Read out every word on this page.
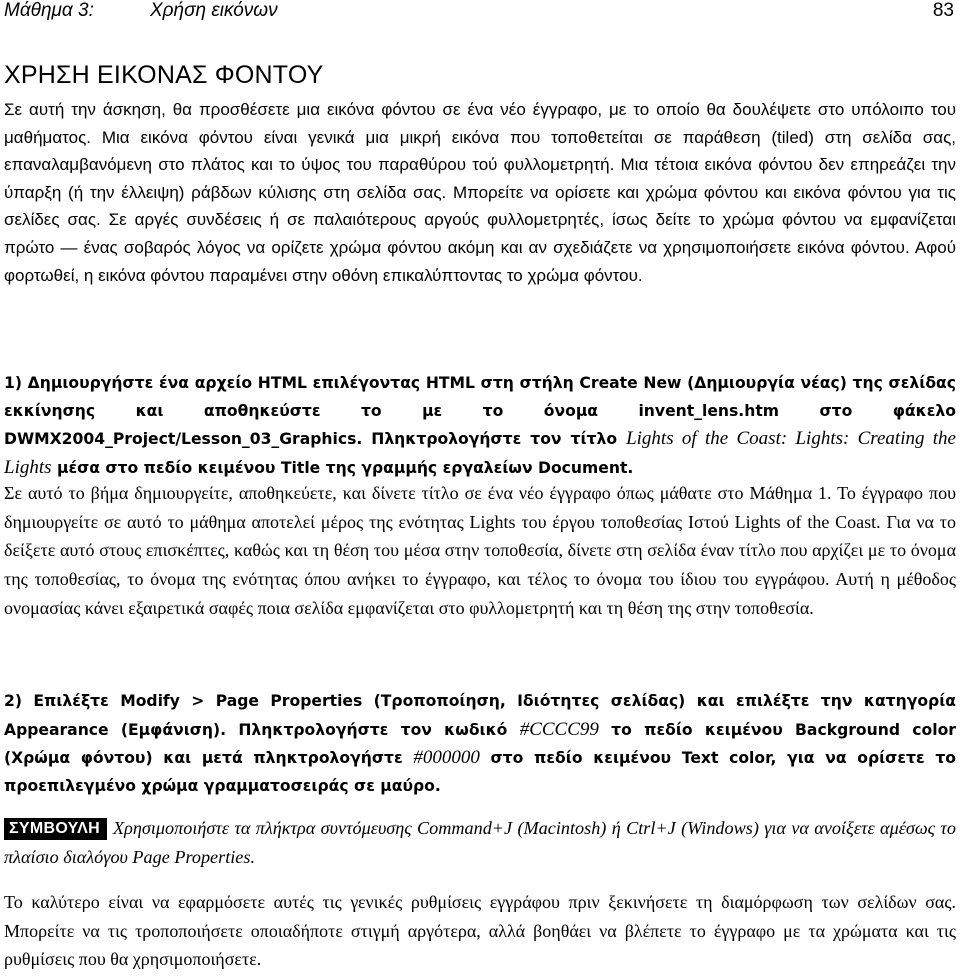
Μάθημα 3:	Χρήση εικόνων	83
ΧΡΗΣΗ ΕΙΚΟΝΑΣ ΦΟΝΤΟΥ

Σε αυτή την άσκηση, θα προσθέσετε μια εικόνα φόντου σε ένα νέο έγγραφο, με το οποίο θα δουλέψετε στο υπόλοιπο του μαθήματος. Μια εικόνα φόντου είναι γενικά μια μικρή εικόνα που τοποθετείται σε παράθεση (tiled) στη σελίδα σας, επαναλαμβανόμενη στο πλάτος και το ύψος του παραθύρου τού φυλλομετρητή. Μια τέτοια εικόνα φόντου δεν επηρεάζει την ύπαρξη (ή την έλλειψη) ράβδων κύλισης στη σελίδα σας. Μπορείτε να ορίσετε και χρώμα φόντου και εικόνα φόντου για τις σελίδες σας. Σε αργές συνδέσεις ή σε παλαιότερους αργούς φυλλομετρητές, ίσως δείτε το χρώμα φόντου να εμφανίζεται πρώτο — ένας σοβαρός λόγος να ορίζετε χρώμα φόντου ακόμη και αν σχεδιάζετε να χρησιμοποιήσετε εικόνα φόντου. Αφού φορτωθεί, η εικόνα φόντου παραμένει στην οθόνη επικαλύπτοντας το χρώμα φόντου.

1) Δημιουργήστε ένα αρχείο HTML επιλέγοντας HTML στη στήλη Create New (Δημιουργία νέας) της σελίδας εκκίνησης και αποθηκεύστε το με το όνομα invent_lens.htm στο φάκελο DWMX2004_Project/Lesson_03_Graphics. Πληκτρολογήστε τον τίτλο Lights of the Coast: Lights: Creating the Lights μέσα στο πεδίο κειμένου Title της γραμμής εργαλείων Document.

Σε αυτό το βήμα δημιουργείτε, αποθηκεύετε, και δίνετε τίτλο σε ένα νέο έγγραφο όπως μάθατε στο Μάθημα 1. Το έγγραφο που δημιουργείτε σε αυτό το μάθημα αποτελεί μέρος της ενότητας Lights του έργου τοποθεσίας Ιστού Lights of the Coast. Για να το δείξετε αυτό στους επισκέπτες, καθώς και τη θέση του μέσα στην τοποθεσία, δίνετε στη σελίδα έναν τίτλο που αρχίζει με το όνομα της τοποθεσίας, το όνομα της ενότητας όπου ανήκει το έγγραφο, και τέλος το όνομα του ίδιου του εγγράφου. Αυτή η μέθοδος ονομασίας κάνει εξαιρετικά σαφές ποια σελίδα εμφανίζεται στο φυλλομετρητή και τη θέση της στην τοποθεσία.

2) Επιλέξτε Modify > Page Properties (Τροποποίηση, Ιδιότητες σελίδας) και επιλέξτε την κατηγορία Appearance (Εμφάνιση). Πληκτρολογήστε τον κωδικό #CCCC99 το πεδίο κειμένου Background color (Χρώμα φόντου) και μετά πληκτρολογήστε #000000 στο πεδίο κειμένου Text color, για να ορίσετε το προεπιλεγμένο χρώμα γραμματοσειράς σε μαύρο.

ΣΥΜΒΟΥΛΗ Χρησιμοποιήστε τα πλήκτρα συντόμευσης Command+J (Macintosh) ή Ctrl+J (Windows) για να ανοίξετε αμέσως το πλαίσιο διαλόγου Page Properties.

Το καλύτερο είναι να εφαρμόσετε αυτές τις γενικές ρυθμίσεις εγγράφου πριν ξεκινήσετε τη διαμόρφωση των σελίδων σας. Μπορείτε να τις τροποποιήσετε οποιαδήποτε στιγμή αργότερα, αλλά βοηθάει να βλέπετε το έγγραφο με τα χρώματα και τις ρυθμίσεις που θα χρησιμοποιήσετε.
